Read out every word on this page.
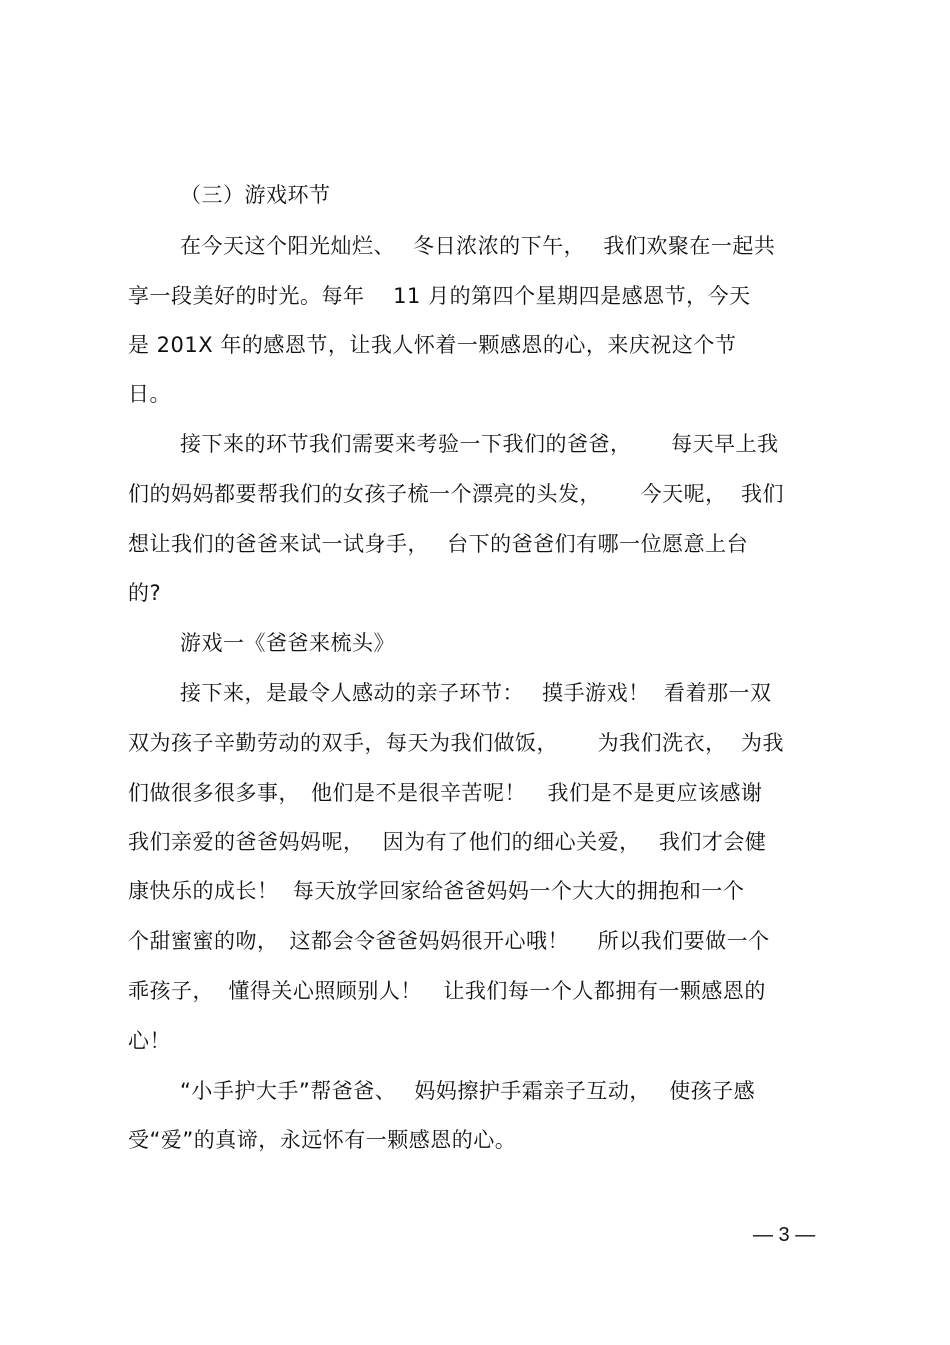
（三）游戏环节
在今天这个阳光灿烂、　 冬日浓浓的下午，　 我们欢聚在一起共
享一段美好的时光。每年　 11 月的第四个星期四是感恩节，今天
是 201X 年的感恩节，让我人怀着一颗感恩的心，来庆祝这个节
日。
接下来的环节我们需要来考验一下我们的爸爸，　　 每天早上我
们的妈妈都要帮我们的女孩子梳一个漂亮的头发，　　 今天呢，  我们
想让我们的爸爸来试一试身手，　 台下的爸爸们有哪一位愿意上台
的?
游戏一《爸爸来梳头》
接下来，是最令人感动的亲子环节：　 摸手游戏！  看着那一双
双为孩子辛勤劳动的双手，每天为我们做饭，　　 为我们洗衣，  为我
们做很多很多事，　他们是不是很辛苦呢！　我们是不是更应该感谢
我们亲爱的爸爸妈妈呢，　 因为有了他们的细心关爱，　 我们才会健
康快乐的成长！  每天放学回家给爸爸妈妈一个大大的拥抱和一个
个甜蜜蜜的吻，　这都会令爸爸妈妈很开心哦！　 所以我们要做一个
乖孩子，  懂得关心照顾别人！　让我们每一个人都拥有一颗感恩的
心！
“小手护大手”帮爸爸、　 妈妈擦护手霜亲子互动，　 使孩子感
受“爱”的真谛，永远怀有一颗感恩的心。
— 3 —
